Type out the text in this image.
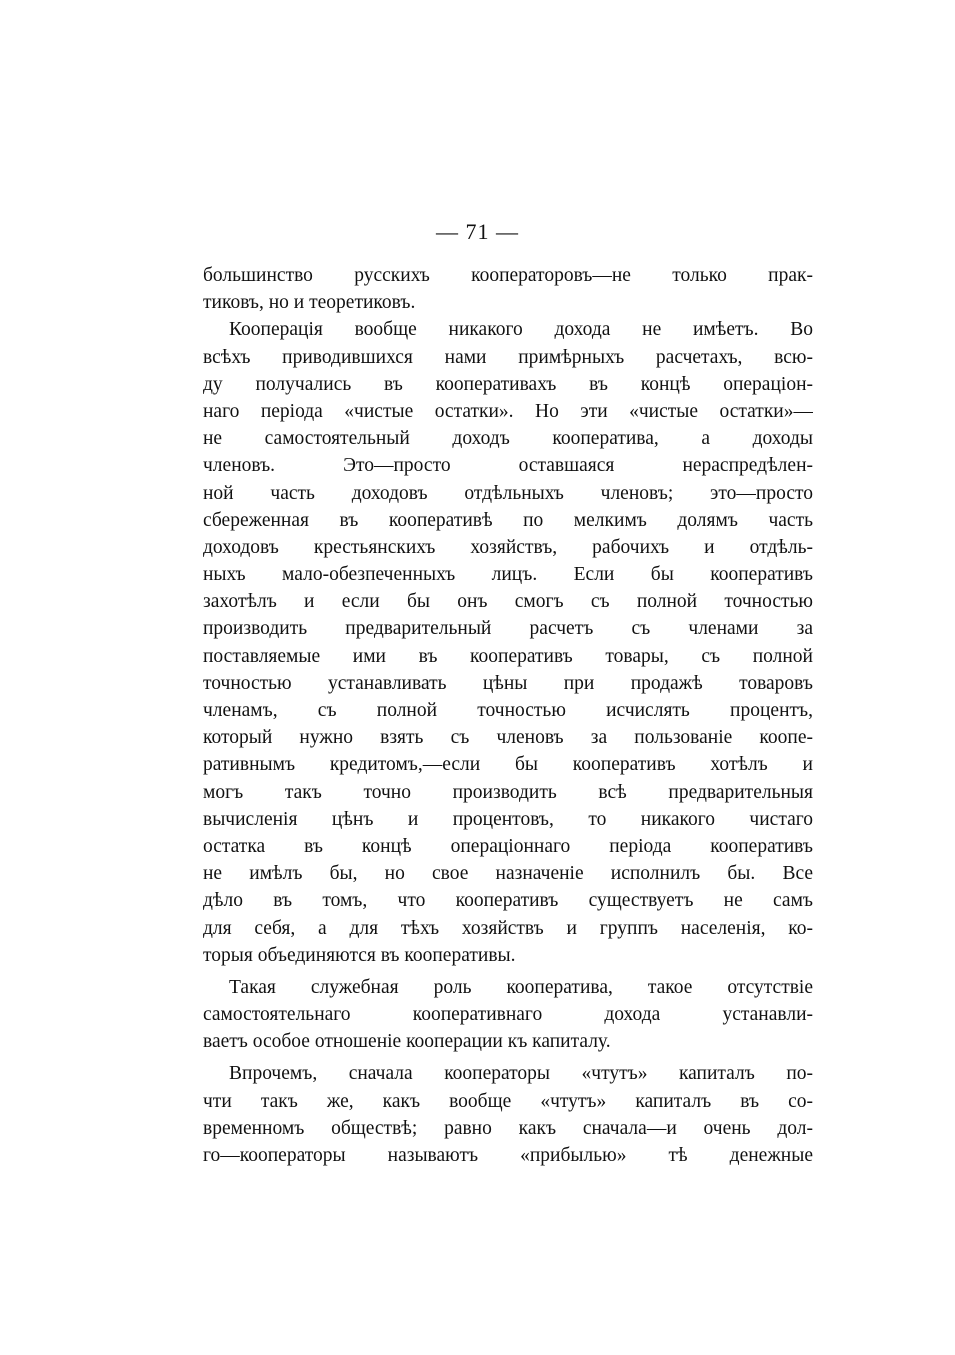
— 71 —
большинство русскихъ кооператоровъ—не только прак-
тиковъ, но и теоретиковъ.
Кооперація вообще никакого дохода не имѣетъ. Во
всѣхъ приводившихся нами примѣрныхъ расчетахъ, всю-
ду получались въ кооперативахъ въ концѣ операціон-
наго періода «чистые остатки». Но эти «чистые остатки»—
не самостоятельный доходъ кооператива, а доходы
членовъ. Это—просто оставшаяся нераспредѣлен-
ной часть доходовъ отдѣльныхъ членовъ; это—просто
сбереженная въ кооперативѣ по мелкимъ долямъ часть
доходовъ крестьянскихъ хозяйствъ, рабочихъ и отдѣль-
ныхъ мало-обезпеченныхъ лицъ. Если бы кооперативъ
захотѣлъ и если бы онъ смогъ съ полной точностью
производить предварительный расчетъ съ членами за
поставляемые ими въ кооперативъ товары, съ полной
точностью устанавливать цѣны при продажѣ товаровъ
членамъ, съ полной точностью исчислять процентъ,
который нужно взять съ членовъ за пользованіе коопе-
ративнымъ кредитомъ,—если бы кооперативъ хотѣлъ и
могъ такъ точно производить всѣ предварительныя
вычисленія цѣнъ и процентовъ, то никакого чистаго
остатка въ концѣ операціоннаго періода кооперативъ
не имѣлъ бы, но свое назначеніе исполнилъ бы. Все
дѣло въ томъ, что кооперативъ существуетъ не самъ
для себя, а для тѣхъ хозяйствъ и группъ населенія, ко-
торыя объединяются въ кооперативы.
Такая служебная роль кооператива, такое отсутствіе
самостоятельнаго кооперативнаго дохода устанавли-
ваетъ особое отношеніе кооперации къ капиталу.
Впрочемъ, сначала кооператоры «чтутъ» капиталъ по-
чти такъ же, какъ вообще «чтутъ» капиталъ въ со-
временномъ обществѣ; равно какъ сначала—и очень дол-
го—кооператоры называютъ «прибылью» тѣ денежные
